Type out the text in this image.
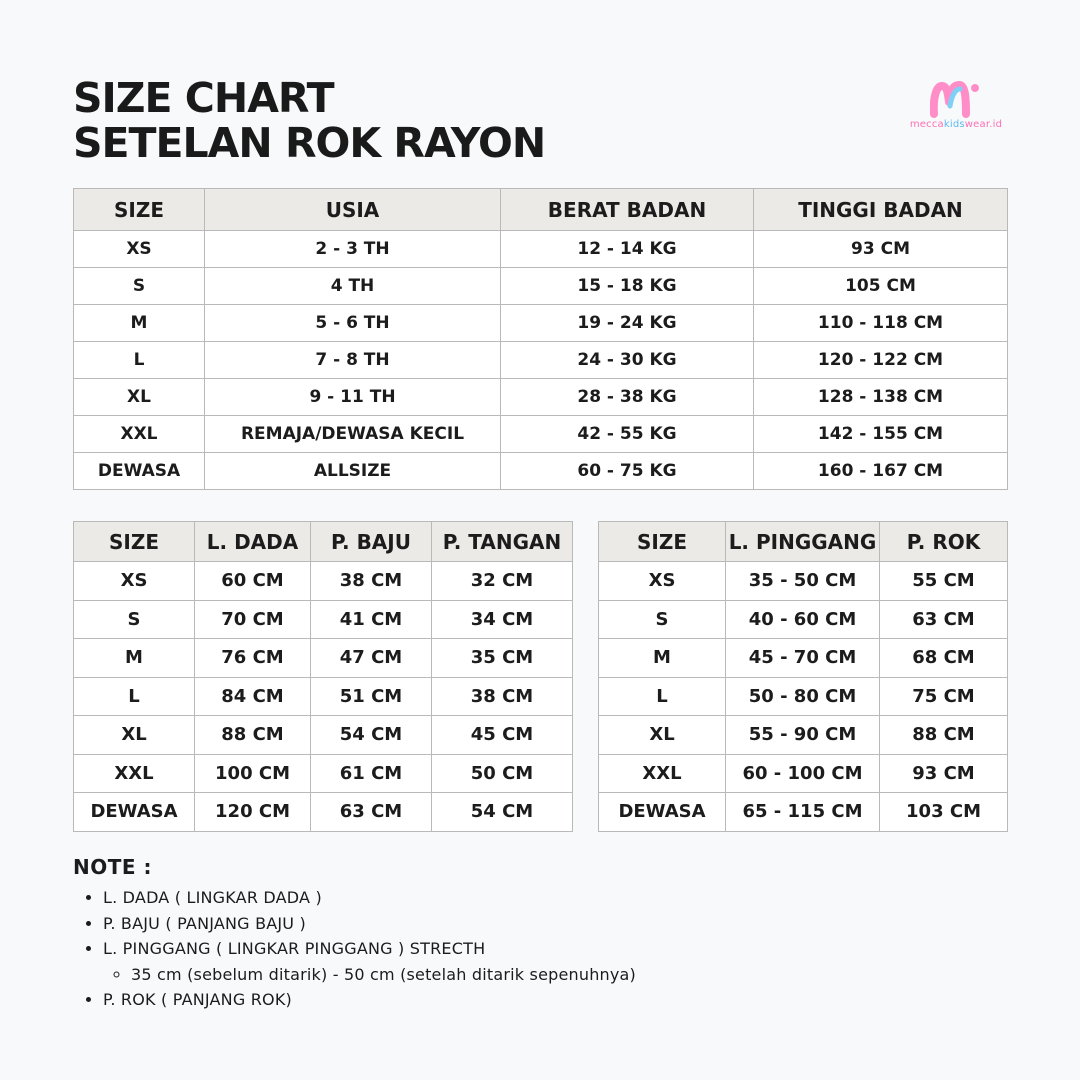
SIZE CHART
SETELAN ROK RAYON	meccakidswear.id
SIZE	USIA	BERAT BADAN	TINGGI BADAN
XS	2 - 3 TH	12 - 14 KG	93 CM
S	4 TH	15 - 18 KG	105 CM
M	5 - 6 TH	19 - 24 KG	110 - 118 CM
L	7 - 8 TH	24 - 30 KG	120 - 122 CM
XL	9 - 11 TH	28 - 38 KG	128 - 138 CM
XXL	REMAJA/DEWASA KECIL	42 - 55 KG	142 - 155 CM
DEWASA	ALLSIZE	60 - 75 KG	160 - 167 CM
SIZE	L. DADA	P. BAJU	P. TANGAN
XS	60 CM	38 CM	32 CM
S	70 CM	41 CM	34 CM
M	76 CM	47 CM	35 CM
L	84 CM	51 CM	38 CM
XL	88 CM	54 CM	45 CM
XXL	100 CM	61 CM	50 CM
DEWASA	120 CM	63 CM	54 CM
SIZE	L. PINGGANG	P. ROK
XS	35 - 50 CM	55 CM
S	40 - 60 CM	63 CM
M	45 - 70 CM	68 CM
L	50 - 80 CM	75 CM
XL	55 - 90 CM	88 CM
XXL	60 - 100 CM	93 CM
DEWASA	65 - 115 CM	103 CM
NOTE :
• L. DADA ( LINGKAR DADA )
• P. BAJU ( PANJANG BAJU )
• L. PINGGANG ( LINGKAR PINGGANG ) STRECTH
◦ 35 cm (sebelum ditarik) - 50 cm (setelah ditarik sepenuhnya)
• P. ROK ( PANJANG ROK)
